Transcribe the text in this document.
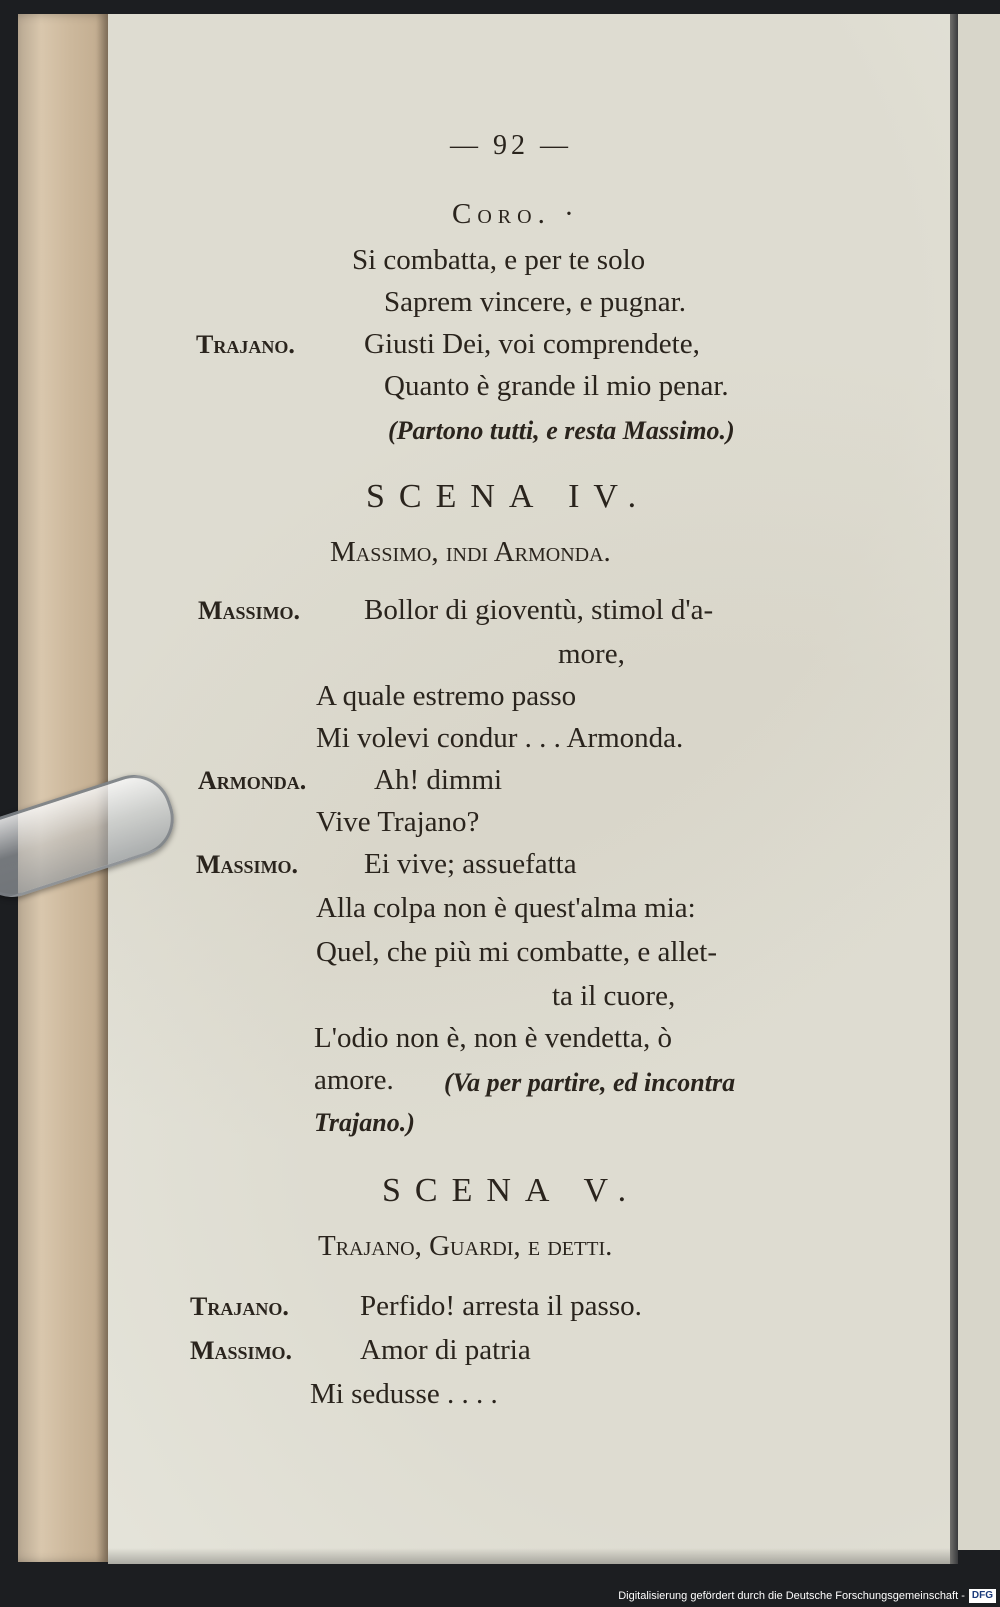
— 92 —

Coro. ·

Si combatta, e per te solo

Saprem vincere, e pugnar.

Trajano. Giusti Dei, voi comprendete,

Quanto è grande il mio penar.

(Partono tutti, e resta Massimo.)

SCENA IV.

Massimo, indi Armonda.

Massimo. Bollor di gioventù, stimol d'a-

more,

A quale estremo passo

Mi volevi condur . . . Armonda.

Armonda. Ah! dimmi

Vive Trajano?

Massimo. Ei vive; assuefatta

Alla colpa non è quest'alma mia:

Quel, che più mi combatte, e allet-

ta il cuore,

L'odio non è, non è vendetta, ò

amore. (Va per partire, ed incontra

Trajano.)

SCENA V.

Trajano, Guardi, e detti.

Trajano. Perfido! arresta il passo.

Massimo. Amor di patria

Mi sedusse . . . .

Digitalisierung gefördert durch die Deutsche Forschungsgemeinschaft - DFG
